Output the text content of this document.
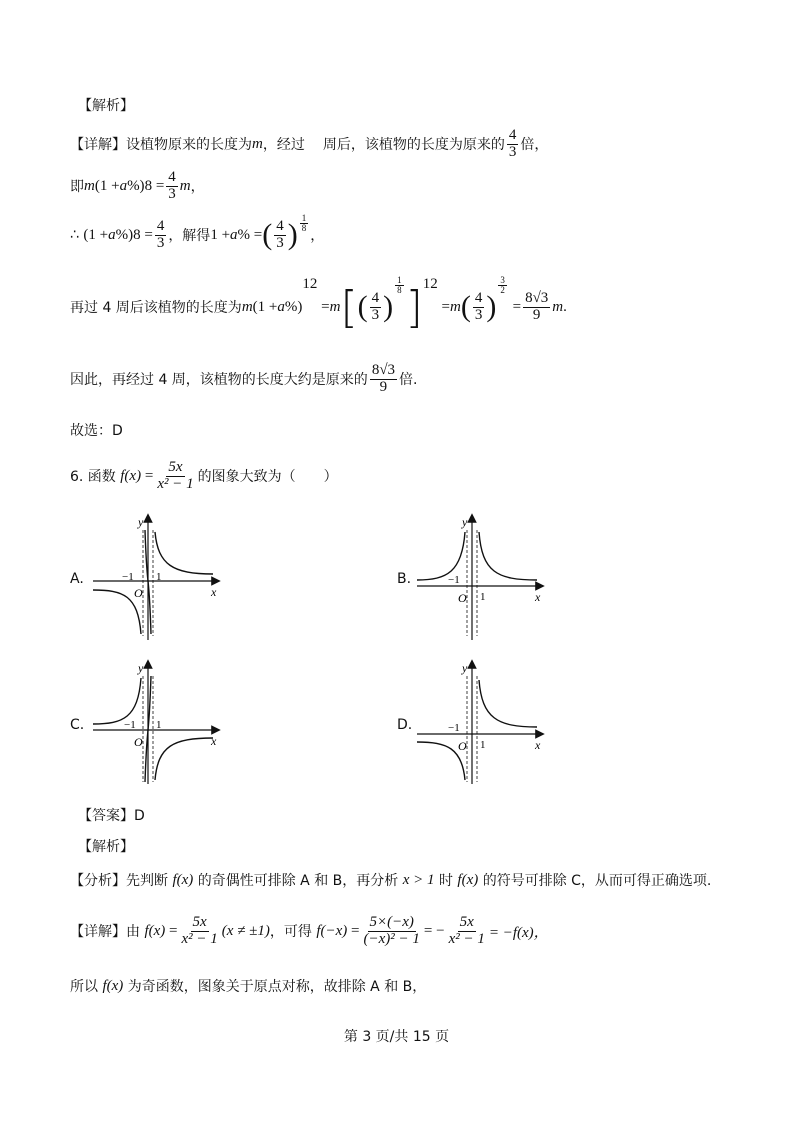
【解析】
【详解】 设植物原来的长度为 m ，经过 周后，该植物的长度为原来的 $\frac{4}{3}$ 倍，
即 m (1 + a %) $8 = \frac{4}{3}$ m ，
∴
(1 + a %) $8 = \frac{4}{3}$ ，解得 1 + a % = ( $\frac{4}{3}$ ) $\frac{1}{8}$
，
再过 4 周后该植物的长度为 m (1 + a %)
12
= m [ ( $\frac{4}{3}$ )
$\frac{1}{8}$ ] 12
= m ( $\frac{4}{3}$ )
$\frac{3}{2}$
= $\frac{8√3}{9}$ m .
因此，再经过 4 周，该植物的长度大约是原来的 $\frac{8√3}{9}$ 倍.
故选：D
6. 函数
$f(x) = \frac{5x}{\text{x² − 1}}$ 的图象大致为（　　）
A.	B.
C.	D.
y
x
O
−1 1
y
x
O
−1
1
y
x
O
−1 1
y
x
O
−1
1
【答案】D
【解析】
【分析】 先判断
f(x)
的奇偶性可排除 A 和 B，再分析
x > 1
时
f(x)
的符号可排除 C，从而可得正确选项.
【详解】 由
$f(x) = \frac{5x}{\text{x² − 1}} (x \ne \pm 1)$ ，可得
$f(-x) = \frac{5\times(-x)}{\text{(−x)² − 1}}$ = − $\frac{5x}{\text{x² − 1}} = -f(x)$，
所以
f(x)
为奇函数，图象关于原点对称，故排除 A 和 B，
第 3 页/共 15 页
